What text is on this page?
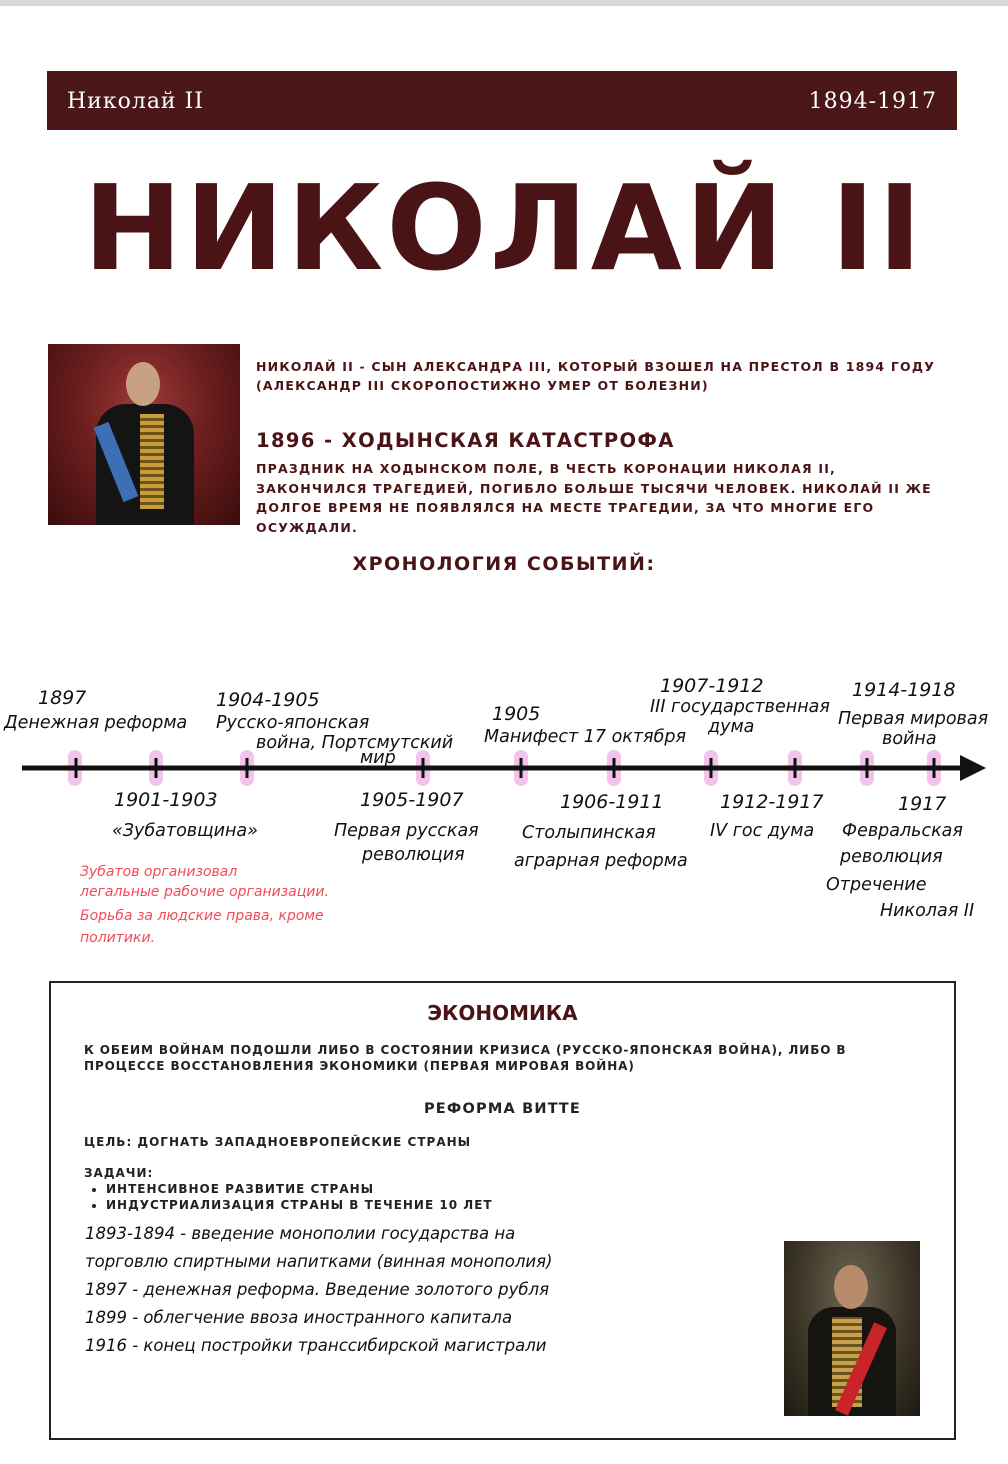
Николай II	1894-1917
НИКОЛАЙ II
НИКОЛАЙ II - СЫН АЛЕКСАНДРА III, КОТОРЫЙ ВЗОШЕЛ НА ПРЕСТОЛ В 1894 ГОДУ (АЛЕКСАНДР III СКОРОПОСТИЖНО УМЕР ОТ БОЛЕЗНИ)
1896 - ХОДЫНСКАЯ КАТАСТРОФА
ПРАЗДНИК НА ХОДЫНСКОМ ПОЛЕ, В ЧЕСТЬ КОРОНАЦИИ НИКОЛАЯ II, ЗАКОНЧИЛСЯ ТРАГЕДИЕЙ, ПОГИБЛО БОЛЬШЕ ТЫСЯЧИ ЧЕЛОВЕК. НИКОЛАЙ II ЖЕ ДОЛГОЕ ВРЕМЯ НЕ ПОЯВЛЯЛСЯ НА МЕСТЕ ТРАГЕДИИ, ЗА ЧТО МНОГИЕ ЕГО ОСУЖДАЛИ.
ХРОНОЛОГИЯ СОБЫТИЙ:
1897
Денежная реформа
1904-1905
Русско-японская
война, Портсмутский
мир
1905
Манифест 17 октября
1907-1912
III государственная
дума
1914-1918
Первая мировая
война
1901-1903
«Зубатовщина»
1905-1907
Первая русская
революция
1906-1911
Столыпинская
аграрная реформа
1912-1917
IV гос дума
1917
Февральская
революция
Отречение
Николая II
Зубатов организовал
легальные рабочие организации.
Борьба за людские права, кроме
политики.
ЭКОНОМИКА
К ОБЕИМ ВОЙНАМ ПОДОШЛИ ЛИБО В СОСТОЯНИИ КРИЗИСА (РУССКО-ЯПОНСКАЯ ВОЙНА), ЛИБО В ПРОЦЕССЕ ВОССТАНОВЛЕНИЯ ЭКОНОМИКИ (ПЕРВАЯ МИРОВАЯ ВОЙНА)
РЕФОРМА ВИТТЕ
ЦЕЛЬ: ДОГНАТЬ ЗАПАДНОЕВРОПЕЙСКИЕ СТРАНЫ
ЗАДАЧИ:
• ИНТЕНСИВНОЕ РАЗВИТИЕ СТРАНЫ
• ИНДУСТРИАЛИЗАЦИЯ СТРАНЫ В ТЕЧЕНИЕ 10 ЛЕТ
1893-1894 - введение монополии государства на
торговлю спиртными напитками (винная монополия)
1897 - денежная реформа. Введение золотого рубля
1899 - облегчение ввоза иностранного капитала
1916 - конец постройки транссибирской магистрали
